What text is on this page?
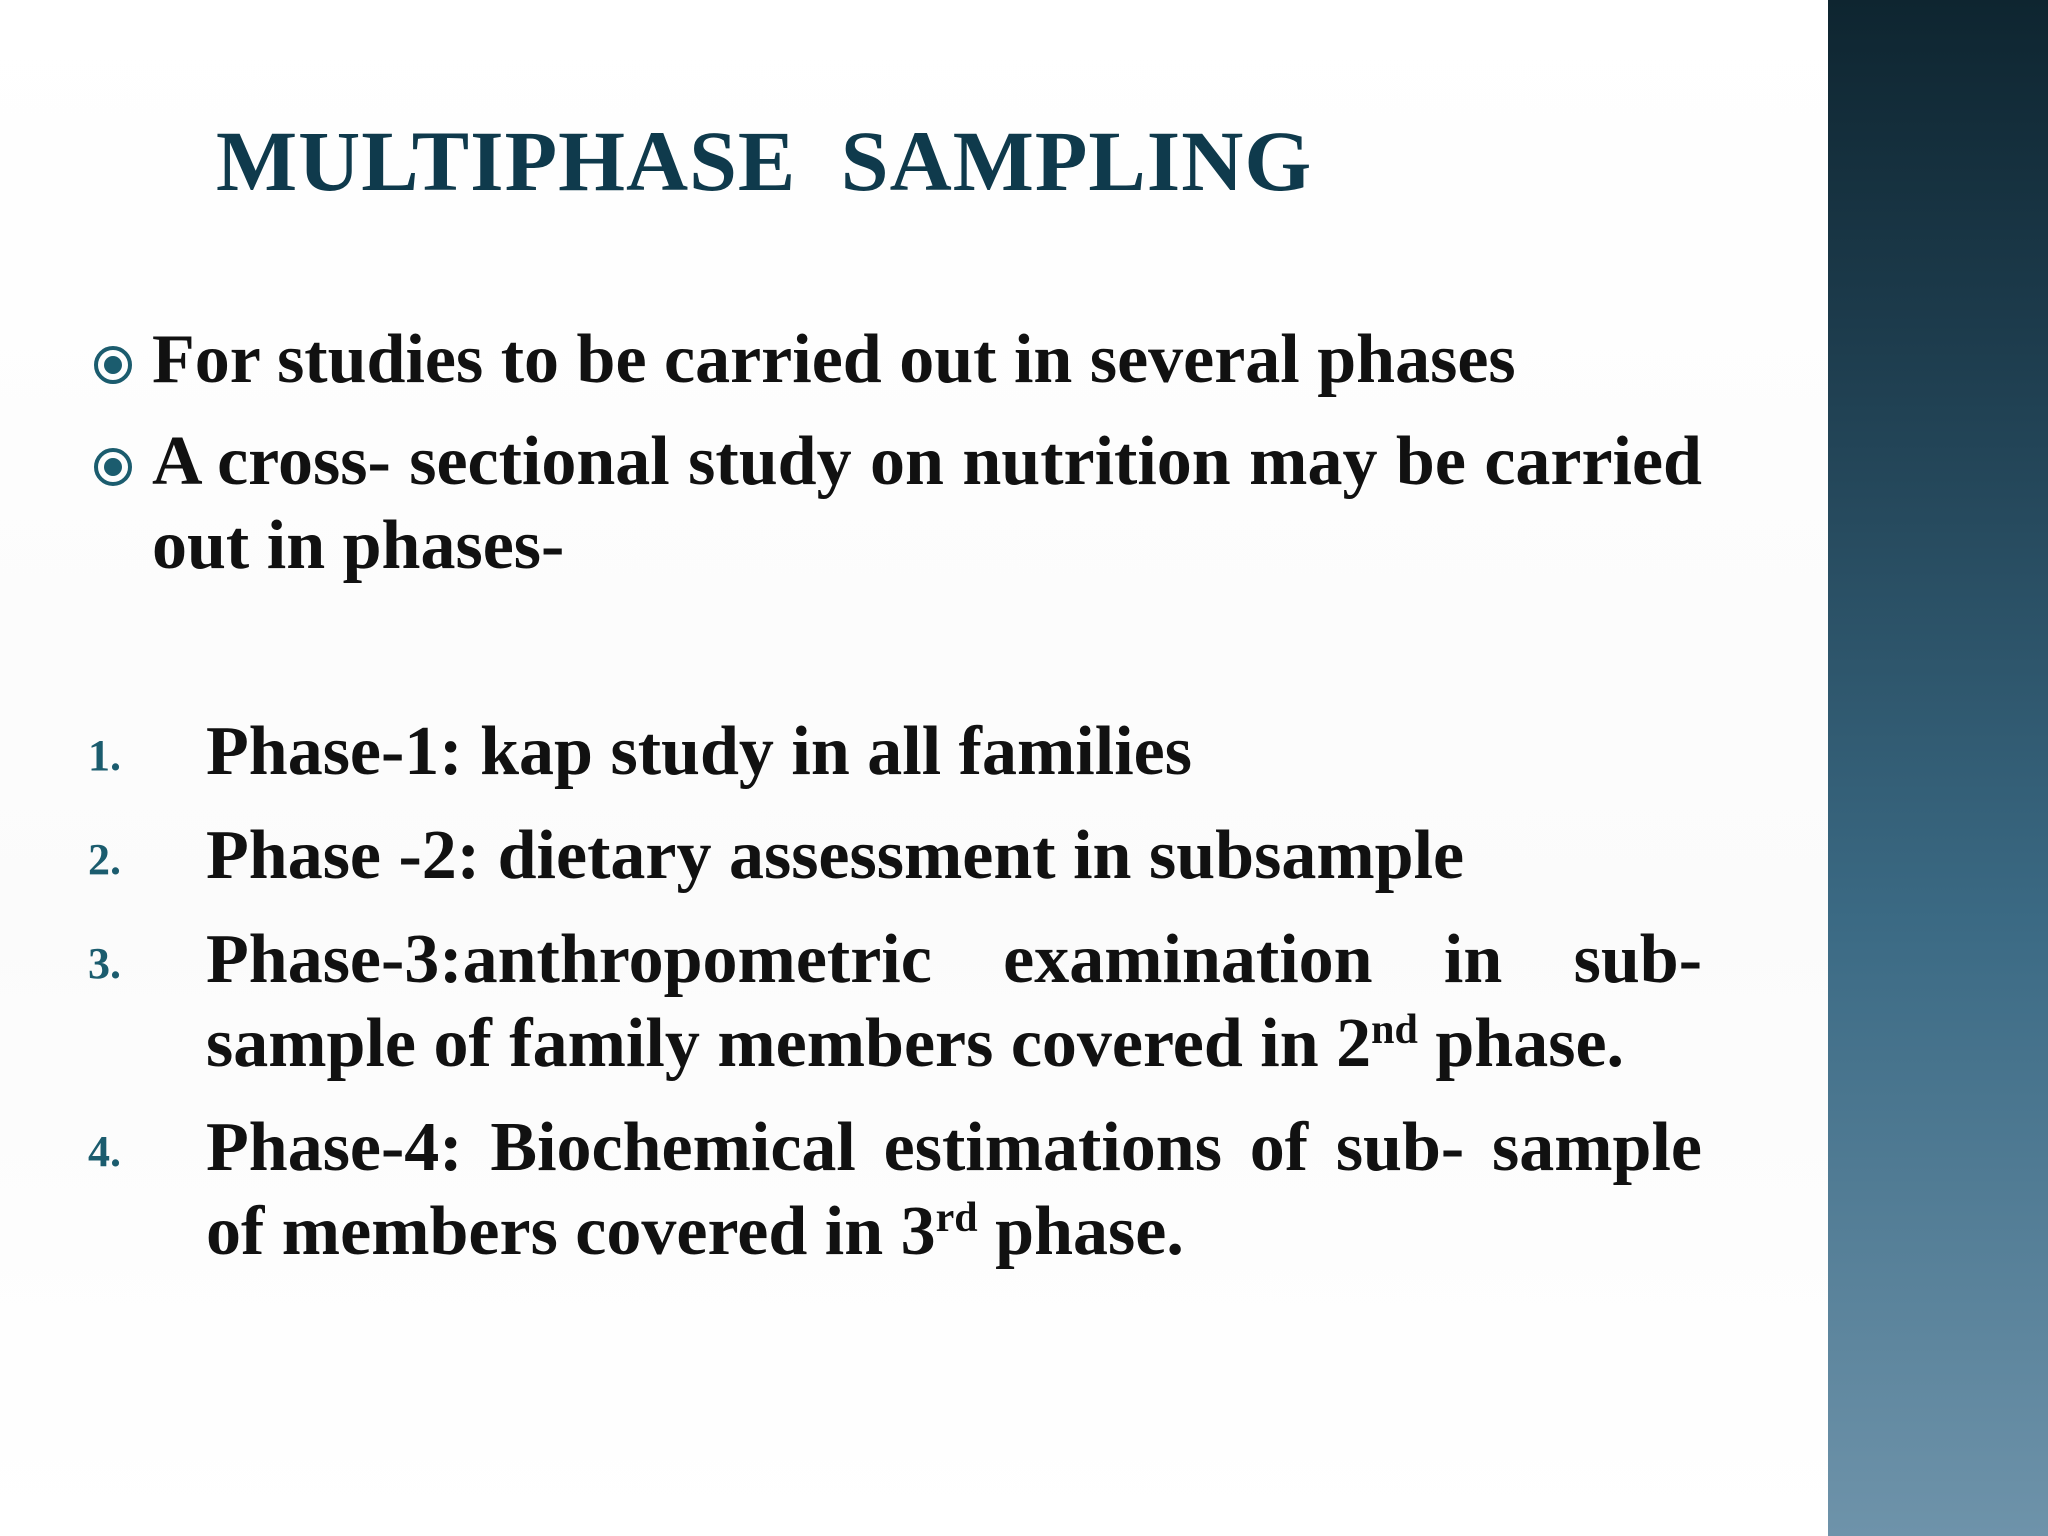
MULTIPHASE SAMPLING
For studies to be carried out in several phases
A cross- sectional study on nutrition may be carried out in phases-
1. Phase-1: kap study in all families
2. Phase -2: dietary assessment in subsample
3. Phase-3:anthropometric examination in sub- sample of family members covered in 2nd phase.
4. Phase-4: Biochemical estimations of sub- sample of members covered in 3rd phase.
